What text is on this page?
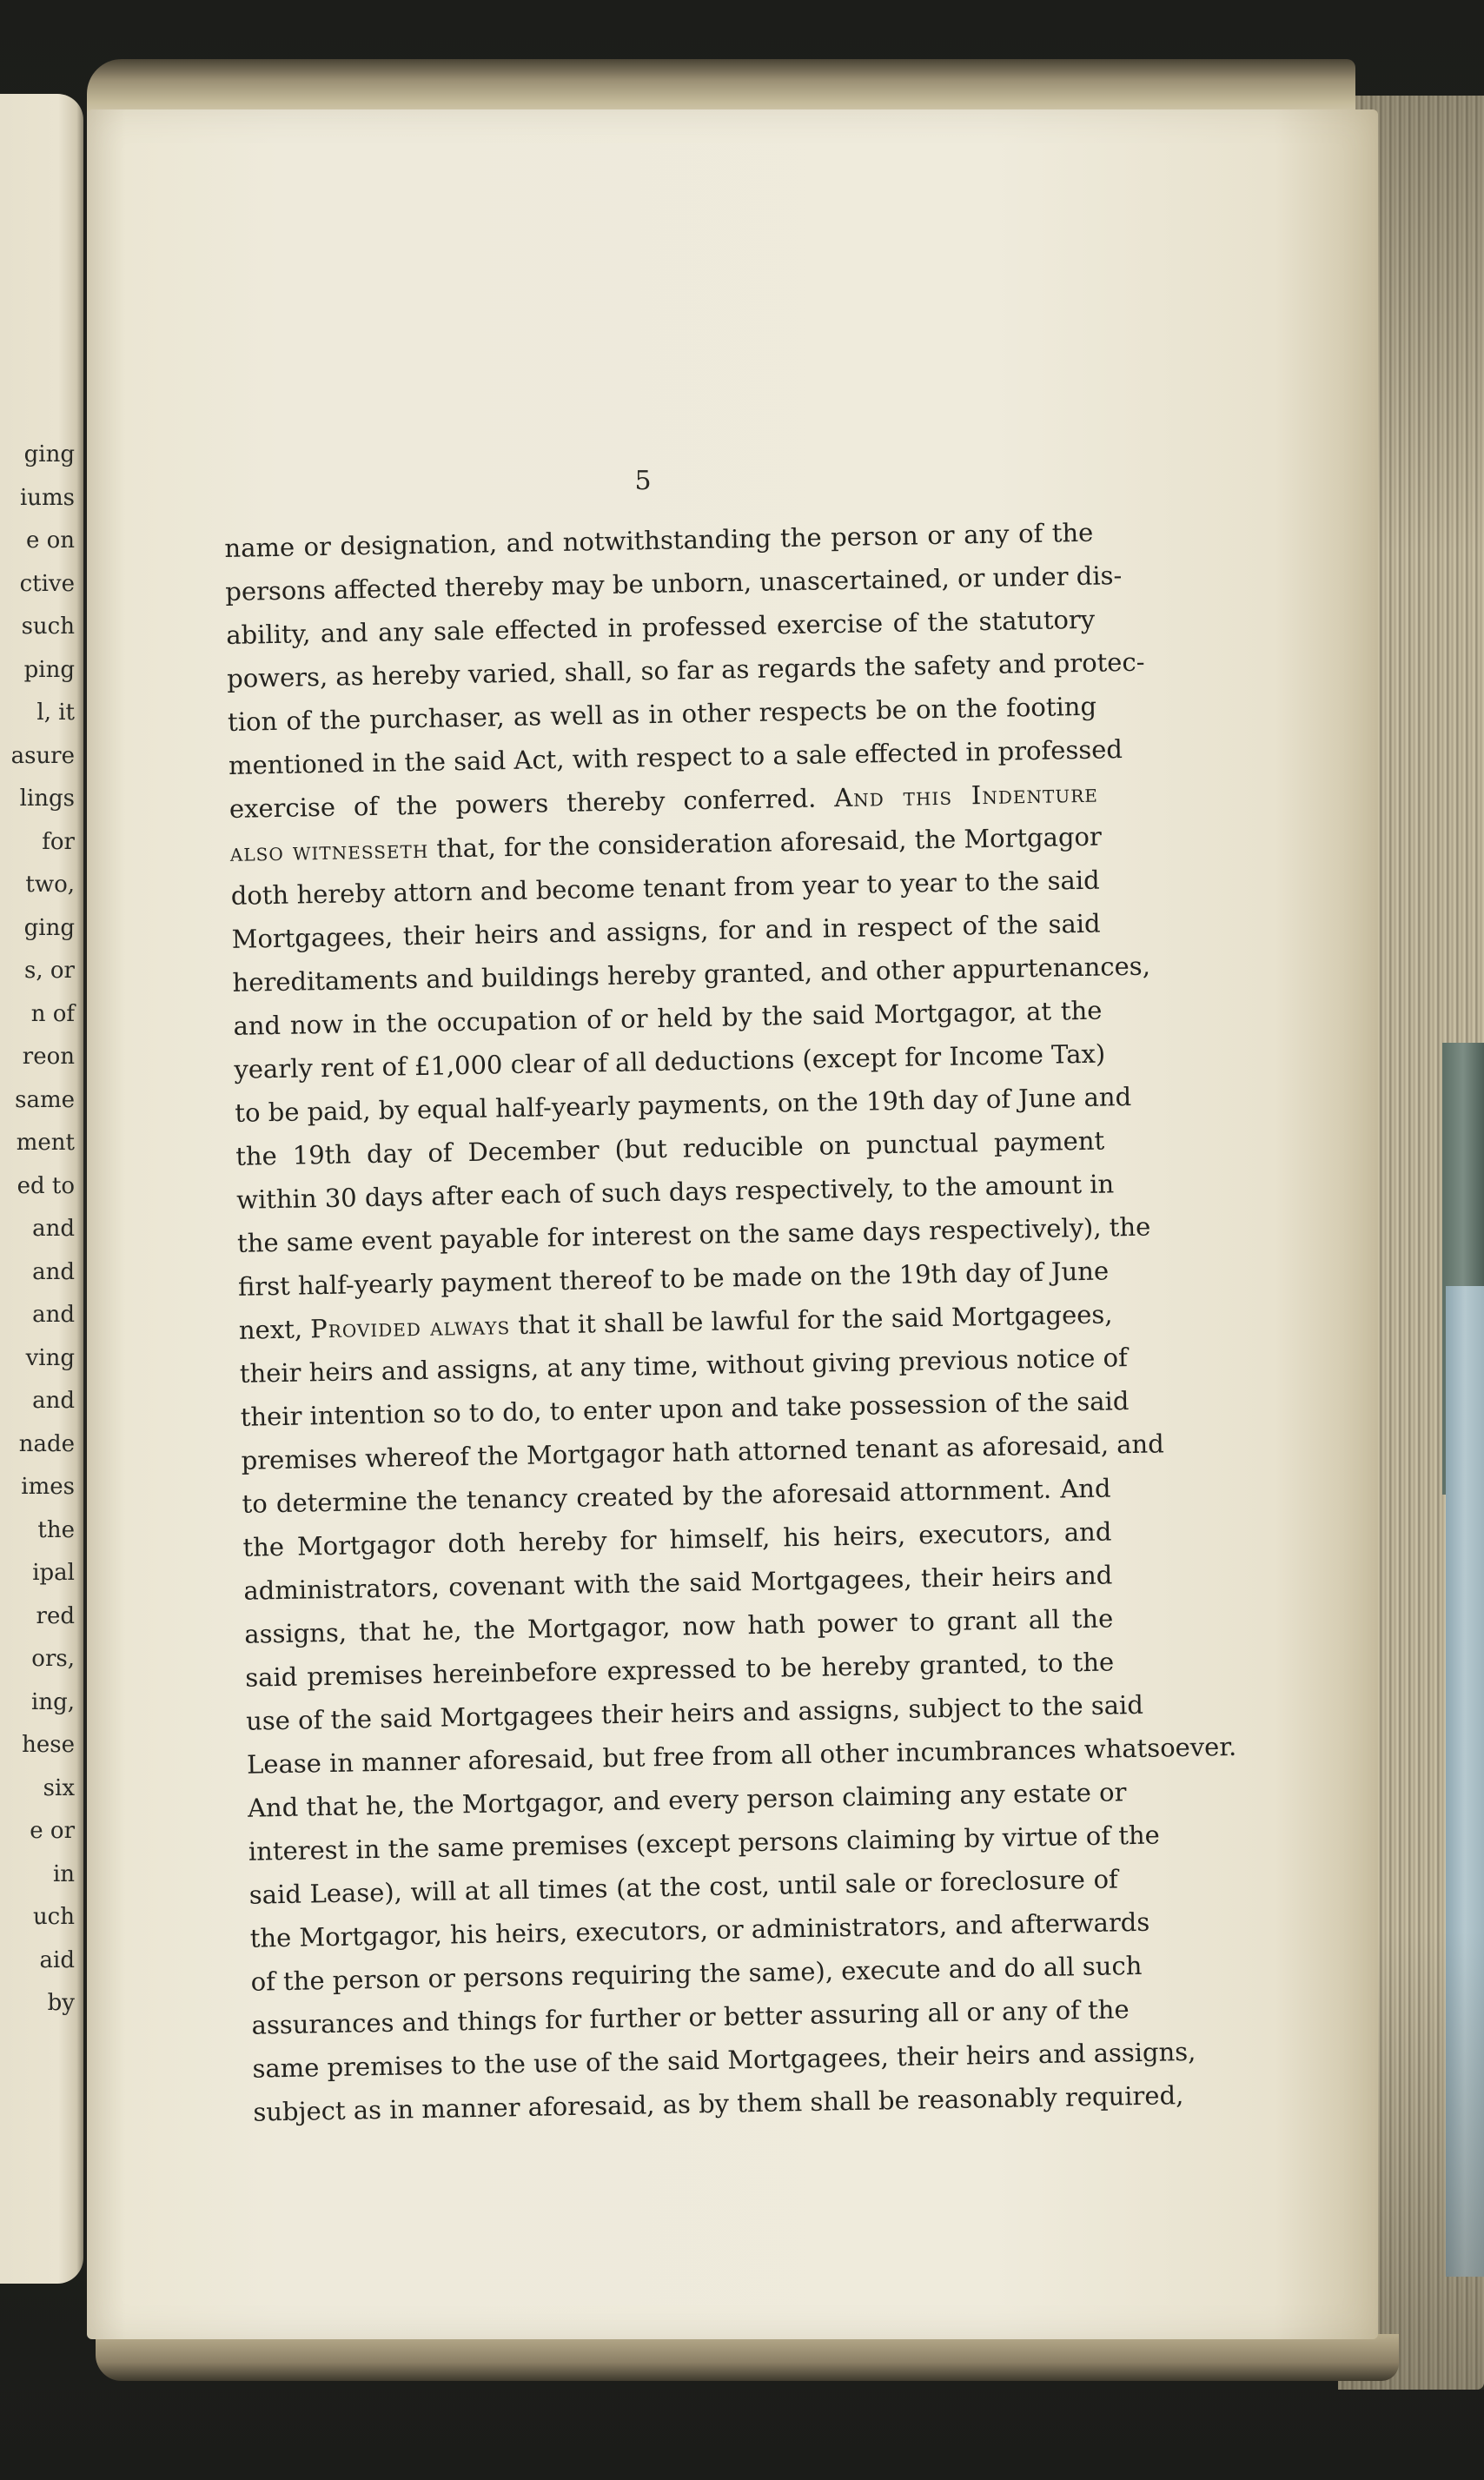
ging
iums
e on
ctive
such
ping
l, it
asure
lings
for
two,
ging
s, or
n of
reon
same
ment
ed to
and
and
and
ving
and
nade
imes
the
ipal
red
ors,
ing,
hese
six
e or
in
uch
aid
by
5
name or designation, and notwithstanding the person or any of the
persons affected thereby may be unborn, unascertained, or under dis-
ability, and any sale effected in professed exercise of the statutory
powers, as hereby varied, shall, so far as regards the safety and protec-
tion of the purchaser, as well as in other respects be on the footing
mentioned in the said Act, with respect to a sale effected in professed
exercise of the powers thereby conferred. And this Indenture
also witnesseth that, for the consideration aforesaid, the Mortgagor
doth hereby attorn and become tenant from year to year to the said
Mortgagees, their heirs and assigns, for and in respect of the said
hereditaments and buildings hereby granted, and other appurtenances,
and now in the occupation of or held by the said Mortgagor, at the
yearly rent of £1,000 clear of all deductions (except for Income Tax)
to be paid, by equal half-yearly payments, on the 19th day of June and
the 19th day of December (but reducible on punctual payment
within 30 days after each of such days respectively, to the amount in
the same event payable for interest on the same days respectively), the
first half-yearly payment thereof to be made on the 19th day of June
next, Provided always that it shall be lawful for the said Mortgagees,
their heirs and assigns, at any time, without giving previous notice of
their intention so to do, to enter upon and take possession of the said
premises whereof the Mortgagor hath attorned tenant as aforesaid, and
to determine the tenancy created by the aforesaid attornment. And
the Mortgagor doth hereby for himself, his heirs, executors, and
administrators, covenant with the said Mortgagees, their heirs and
assigns, that he, the Mortgagor, now hath power to grant all the
said premises hereinbefore expressed to be hereby granted, to the
use of the said Mortgagees their heirs and assigns, subject to the said
Lease in manner aforesaid, but free from all other incumbrances whatsoever.
And that he, the Mortgagor, and every person claiming any estate or
interest in the same premises (except persons claiming by virtue of the
said Lease), will at all times (at the cost, until sale or foreclosure of
the Mortgagor, his heirs, executors, or administrators, and afterwards
of the person or persons requiring the same), execute and do all such
assurances and things for further or better assuring all or any of the
same premises to the use of the said Mortgagees, their heirs and assigns,
subject as in manner aforesaid, as by them shall be reasonably required,
